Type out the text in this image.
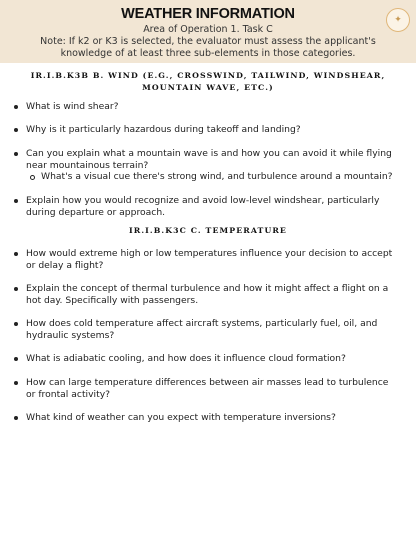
WEATHER INFORMATION
Area of Operation 1. Task C
Note: If k2 or K3 is selected, the evaluator must assess the applicant's knowledge of at least three sub-elements in those categories.
✦
IR.I.B.K3B B. WIND (E.G., CROSSWIND, TAILWIND, WINDSHEAR, MOUNTAIN WAVE, ETC.)
What is wind shear?
Why is it particularly hazardous during takeoff and landing?
Can you explain what a mountain wave is and how you can avoid it while flying near mountainous terrain?
What's a visual cue there's strong wind, and turbulence around a mountain?
Explain how you would recognize and avoid low-level windshear, particularly during departure or approach.
IR.I.B.K3C C. TEMPERATURE
How would extreme high or low temperatures influence your decision to accept or delay a flight?
Explain the concept of thermal turbulence and how it might affect a flight on a hot day. Specifically with passengers.
How does cold temperature affect aircraft systems, particularly fuel, oil, and hydraulic systems?
What is adiabatic cooling, and how does it influence cloud formation?
How can large temperature differences between air masses lead to turbulence or frontal activity?
What kind of weather can you expect with temperature inversions?
